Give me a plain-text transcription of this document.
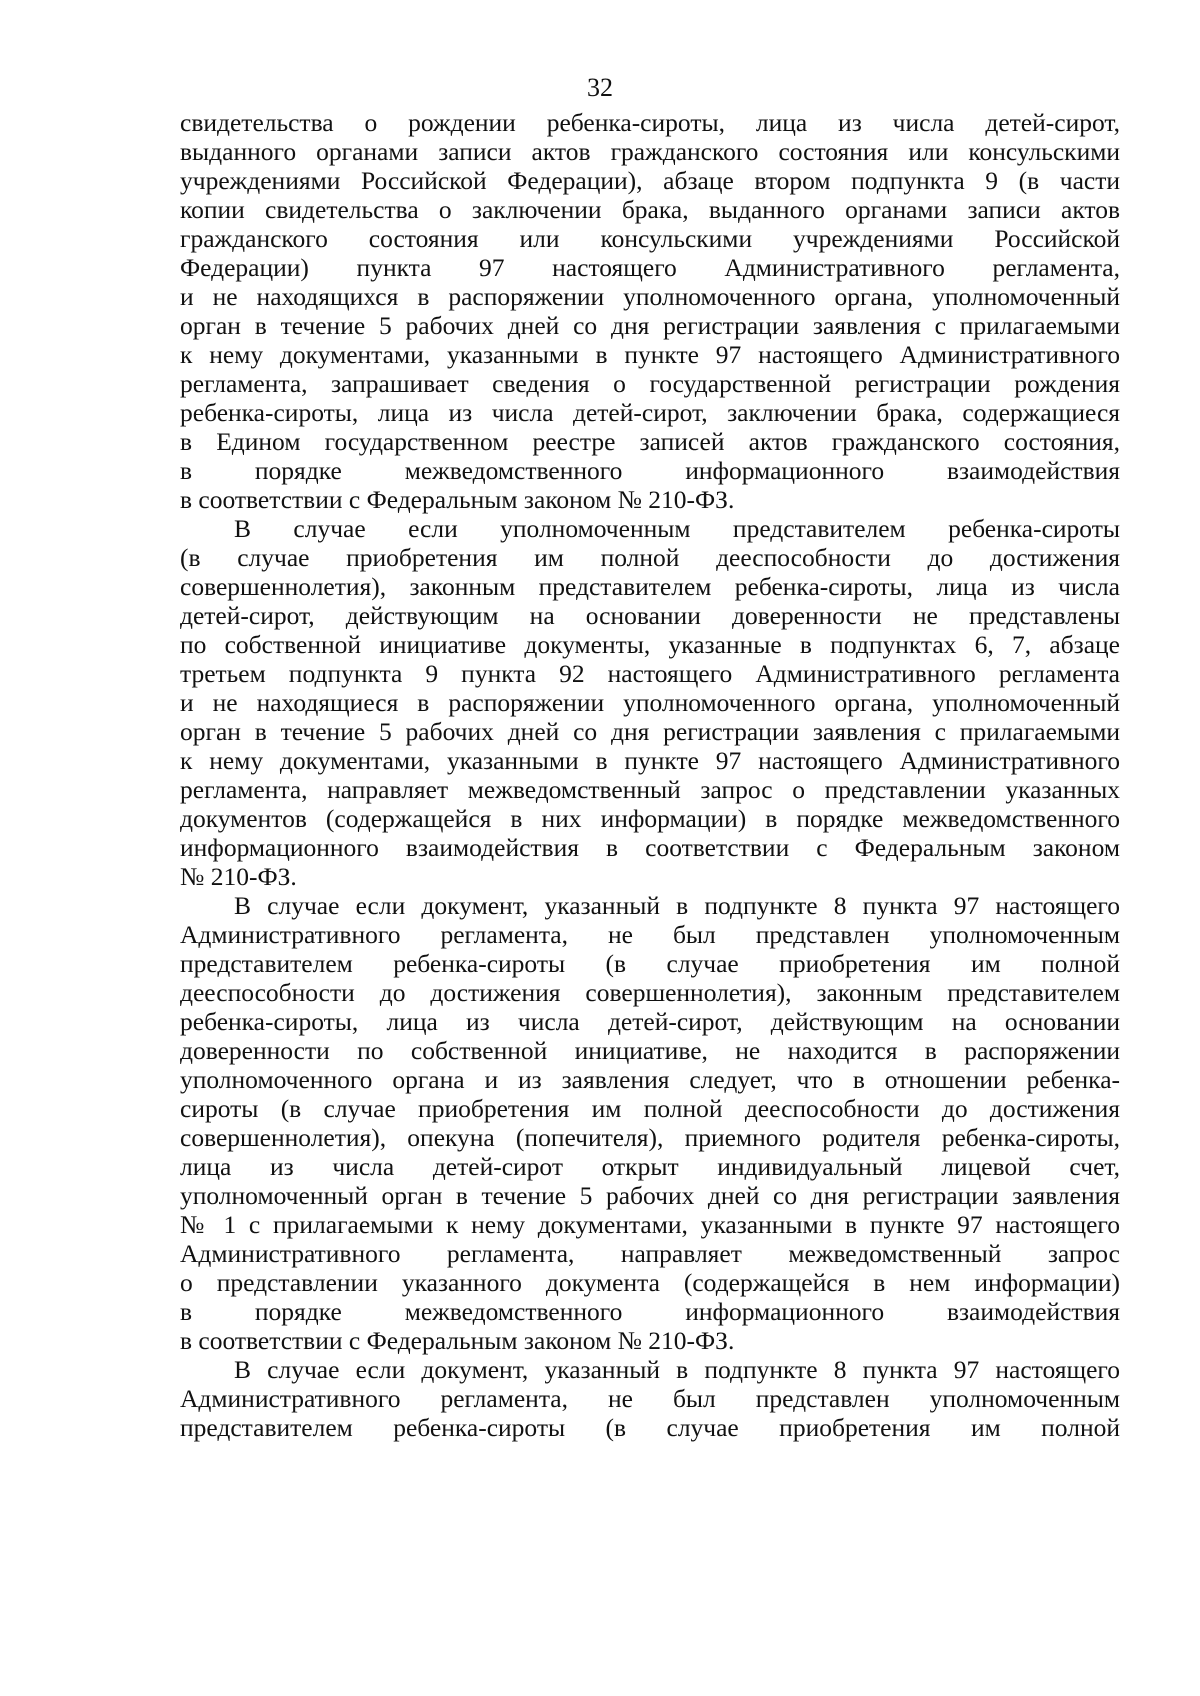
32
свидетельства о рождении ребенка-сироты, лица из числа детей-сирот,
выданного органами записи актов гражданского состояния или консульскими
учреждениями Российской Федерации), абзаце втором подпункта 9 (в части
копии свидетельства о заключении брака, выданного органами записи актов
гражданского состояния или консульскими учреждениями Российской
Федерации) пункта 97 настоящего Административного регламента,
и не находящихся в распоряжении уполномоченного органа, уполномоченный
орган в течение 5 рабочих дней со дня регистрации заявления с прилагаемыми
к нему документами, указанными в пункте 97 настоящего Административного
регламента, запрашивает сведения о государственной регистрации рождения
ребенка-сироты, лица из числа детей-сирот, заключении брака, содержащиеся
в Едином государственном реестре записей актов гражданского состояния,
в порядке межведомственного информационного взаимодействия
в соответствии с Федеральным законом № 210-ФЗ.
В случае если уполномоченным представителем ребенка-сироты
(в случае приобретения им полной дееспособности до достижения
совершеннолетия), законным представителем ребенка-сироты, лица из числа
детей-сирот, действующим на основании доверенности не представлены
по собственной инициативе документы, указанные в подпунктах 6, 7, абзаце
третьем подпункта 9 пункта 92 настоящего Административного регламента
и не находящиеся в распоряжении уполномоченного органа, уполномоченный
орган в течение 5 рабочих дней со дня регистрации заявления с прилагаемыми
к нему документами, указанными в пункте 97 настоящего Административного
регламента, направляет межведомственный запрос о представлении указанных
документов (содержащейся в них информации) в порядке межведомственного
информационного взаимодействия в соответствии с Федеральным законом
№ 210-ФЗ.
В случае если документ, указанный в подпункте 8 пункта 97 настоящего
Административного регламента, не был представлен уполномоченным
представителем ребенка-сироты (в случае приобретения им полной
дееспособности до достижения совершеннолетия), законным представителем
ребенка-сироты, лица из числа детей-сирот, действующим на основании
доверенности по собственной инициативе, не находится в распоряжении
уполномоченного органа и из заявления следует, что в отношении ребенка-
сироты (в случае приобретения им полной дееспособности до достижения
совершеннолетия), опекуна (попечителя), приемного родителя ребенка-сироты,
лица из числа детей-сирот открыт индивидуальный лицевой счет,
уполномоченный орган в течение 5 рабочих дней со дня регистрации заявления
№ 1 с прилагаемыми к нему документами, указанными в пункте 97 настоящего
Административного регламента, направляет межведомственный запрос
о представлении указанного документа (содержащейся в нем информации)
в порядке межведомственного информационного взаимодействия
в соответствии с Федеральным законом № 210-ФЗ.
В случае если документ, указанный в подпункте 8 пункта 97 настоящего
Административного регламента, не был представлен уполномоченным
представителем ребенка-сироты (в случае приобретения им полной
